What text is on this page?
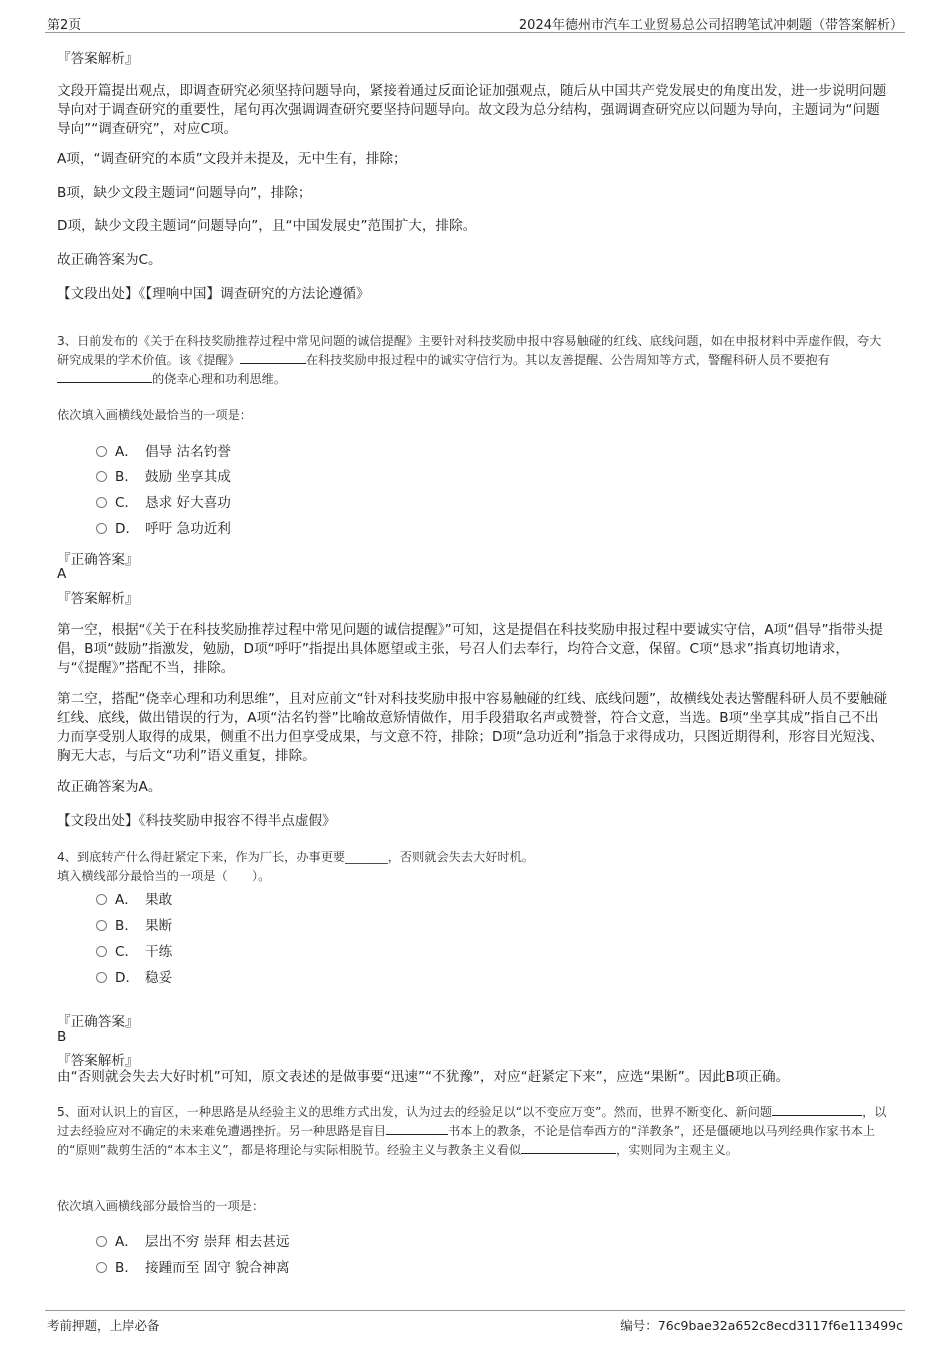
第2页	2024年德州市汽车工业贸易总公司招聘笔试冲刺题（带答案解析）
『答案解析』

文段开篇提出观点，即调查研究必须坚持问题导向，紧接着通过反面论证加强观点，随后从中国共产党发展史的角度出发，进一步说明问题导向对于调查研究的重要性，尾句再次强调调查研究要坚持问题导向。故文段为总分结构，强调调查研究应以问题为导向，主题词为“问题导向”“调查研究”，对应C项。

A项，“调查研究的本质”文段并未提及，无中生有，排除；

B项，缺少文段主题词“问题导向”，排除；

D项，缺少文段主题词“问题导向”，且“中国发展史”范围扩大，排除。

故正确答案为C。

【文段出处】《【理响中国】调查研究的方法论遵循》

3、日前发布的《关于在科技奖励推荐过程中常见问题的诚信提醒》主要针对科技奖励申报中容易触碰的红线、底线问题，如在申报材料中弄虚作假，夸大研究成果的学术价值。该《提醒》	在科技奖励申报过程中的诚实守信行为。其以友善提醒、公告周知等方式，警醒科研人员不要抱有的侥幸心理和功利思维。

依次填入画横线处最恰当的一项是：

A． 倡导 沽名钓誉
B． 鼓励 坐享其成
C． 恳求 好大喜功
D． 呼吁 急功近利
『正确答案』
A
『答案解析』

第一空，根据“《关于在科技奖励推荐过程中常见问题的诚信提醒》”可知，这是提倡在科技奖励申报过程中要诚实守信，A项“倡导”指带头提倡，B项“鼓励”指激发，勉励，D项“呼吁”指提出具体愿望或主张，号召人们去奉行，均符合文意，保留。C项“恳求”指真切地请求，与“《提醒》”搭配不当，排除。

第二空，搭配“侥幸心理和功利思维”，且对应前文“针对科技奖励申报中容易触碰的红线、底线问题”，故横线处表达警醒科研人员不要触碰红线、底线，做出错误的行为，A项“沽名钓誉”比喻故意矫情做作，用手段猎取名声或赞誉，符合文意，当选。B项“坐享其成”指自己不出力而享受别人取得的成果，侧重不出力但享受成果，与文意不符，排除；D项“急功近利”指急于求得成功，只图近期得利，形容目光短浅、胸无大志，与后文“功利”语义重复，排除。

故正确答案为A。

【文段出处】《科技奖励申报容不得半点虚假》

4、到底转产什么得赶紧定下来，作为厂长，办事更要_______，否则就会失去大好时机。

填入横线部分最恰当的一项是（　　）。

A． 果敢
B． 果断
C． 干练
D． 稳妥
『正确答案』
B
『答案解析』

由“否则就会失去大好时机”可知，原文表述的是做事要“迅速”“不犹豫”，对应“赶紧定下来”，应选“果断”。因此B项正确。

5、面对认识上的盲区，一种思路是从经验主义的思维方式出发，认为过去的经验足以“以不变应万变”。然而，世界不断变化、新问题	，以过去经验应对不确定的未来难免遭遇挫折。另一种思路是盲目	书本上的教条，不论是信奉西方的“洋教条”，还是僵硬地以马列经典作家书本上的“原则”裁剪生活的“本本主义”，都是将理论与实际相脱节。经验主义与教条主义看似	，实则同为主观主义。

依次填入画横线部分最恰当的一项是：

A． 层出不穷 崇拜 相去甚远
B． 接踵而至 固守 貌合神离
考前押题，上岸必备	编号：76c9bae32a652c8ecd3117f6e113499c
